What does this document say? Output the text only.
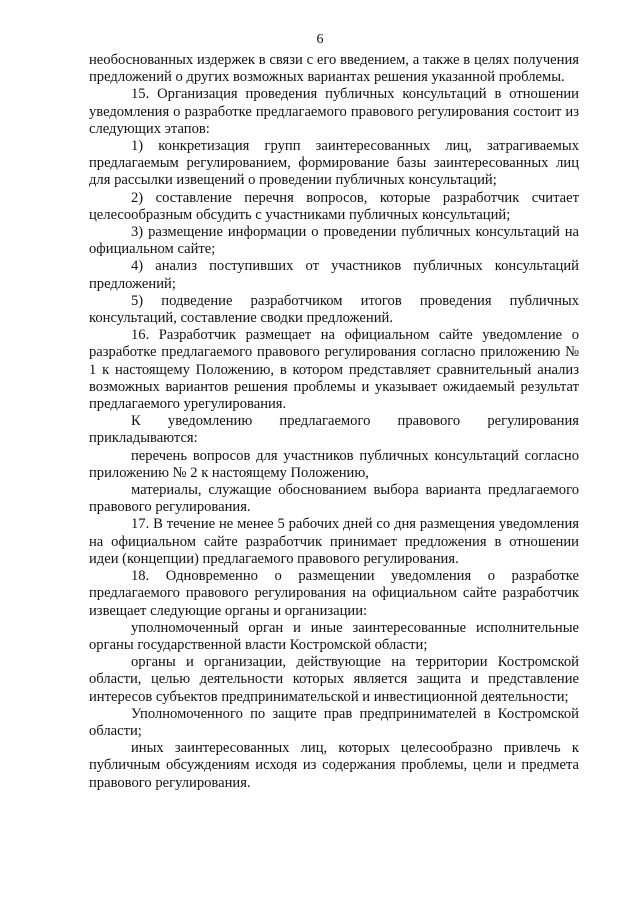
6

необоснованных издержек в связи с его введением, а также в целях получения предложений о других возможных вариантах решения указанной проблемы.

15. Организация проведения публичных консультаций в отношении уведомления о разработке предлагаемого правового регулирования состоит из следующих этапов:

1) конкретизация групп заинтересованных лиц, затрагиваемых предлагаемым регулированием, формирование базы заинтересованных лиц для рассылки извещений о проведении публичных консультаций;

2) составление перечня вопросов, которые разработчик считает целесообразным обсудить с участниками публичных консультаций;

3) размещение информации о проведении публичных консультаций на официальном сайте;

4) анализ поступивших от участников публичных консультаций предложений;

5) подведение разработчиком итогов проведения публичных консультаций, составление сводки предложений.

16. Разработчик размещает на официальном сайте уведомление о разработке предлагаемого правового регулирования согласно приложению № 1 к настоящему Положению, в котором представляет сравнительный анализ возможных вариантов решения проблемы и указывает ожидаемый результат предлагаемого урегулирования.

К уведомлению предлагаемого правового регулирования прикладываются:

перечень вопросов для участников публичных консультаций согласно приложению № 2 к настоящему Положению,

материалы, служащие обоснованием выбора варианта предлагаемого правового регулирования.

17. В течение не менее 5 рабочих дней со дня размещения уведомления на официальном сайте разработчик принимает предложения в отношении идеи (концепции) предлагаемого правового регулирования.

18. Одновременно о размещении уведомления о разработке предлагаемого правового регулирования на официальном сайте разработчик извещает следующие органы и организации:

уполномоченный орган и иные заинтересованные исполнительные органы государственной власти Костромской области;

органы и организации, действующие на территории Костромской области, целью деятельности которых является защита и представление интересов субъектов предпринимательской и инвестиционной деятельности;

Уполномоченного по защите прав предпринимателей в Костромской области;

иных заинтересованных лиц, которых целесообразно привлечь к публичным обсуждениям исходя из содержания проблемы, цели и предмета правового регулирования.
